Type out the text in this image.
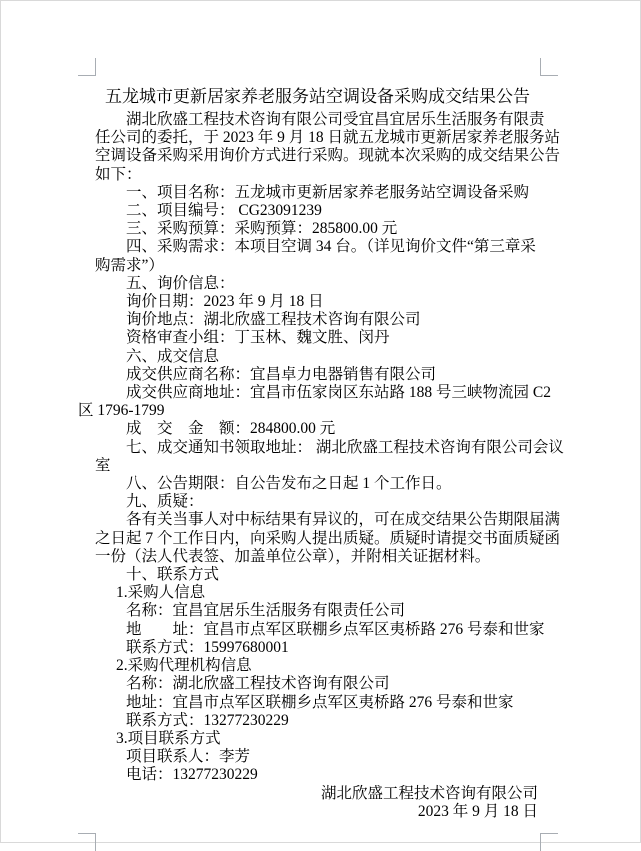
五龙城市更新居家养老服务站空调设备采购成交结果公告
湖北欣盛工程技术咨询有限公司受宜昌宜居乐生活服务有限责
任公司的委托，于 2023 年 9 月 18 日就五龙城市更新居家养老服务站
空调设备采购采用询价方式进行采购。现就本次采购的成交结果公告
如下：
一、项目名称：五龙城市更新居家养老服务站空调设备采购
二、项目编号： CG23091239
三、采购预算：采购预算：285800.00 元
四、采购需求：本项目空调 34 台。（详见询价文件“第三章采
购需求”）
五、询价信息：
询价日期：2023 年 9 月 18 日
询价地点：湖北欣盛工程技术咨询有限公司
资格审查小组：丁玉林、魏文胜、闵丹
六、成交信息
成交供应商名称：宜昌卓力电器销售有限公司
成交供应商地址：宜昌市伍家岗区东站路 188 号三峡物流园 C2
区 1796-1799
成　交　金　额：284800.00 元
七、成交通知书领取地址： 湖北欣盛工程技术咨询有限公司会议
室
八、公告期限：自公告发布之日起 1 个工作日。
九、质疑：
各有关当事人对中标结果有异议的，可在成交结果公告期限届满
之日起 7 个工作日内，向采购人提出质疑。质疑时请提交书面质疑函
一份（法人代表签、加盖单位公章），并附相关证据材料。
十、联系方式
1.采购人信息
名称：宜昌宜居乐生活服务有限责任公司
地　　址：宜昌市点军区联棚乡点军区夷桥路 276 号泰和世家
联系方式：15997680001
2.采购代理机构信息
名称：湖北欣盛工程技术咨询有限公司
地址：宜昌市点军区联棚乡点军区夷桥路 276 号泰和世家
联系方式：13277230229
3.项目联系方式
项目联系人：李芳
电话：13277230229
湖北欣盛工程技术咨询有限公司
2023 年 9 月 18 日
